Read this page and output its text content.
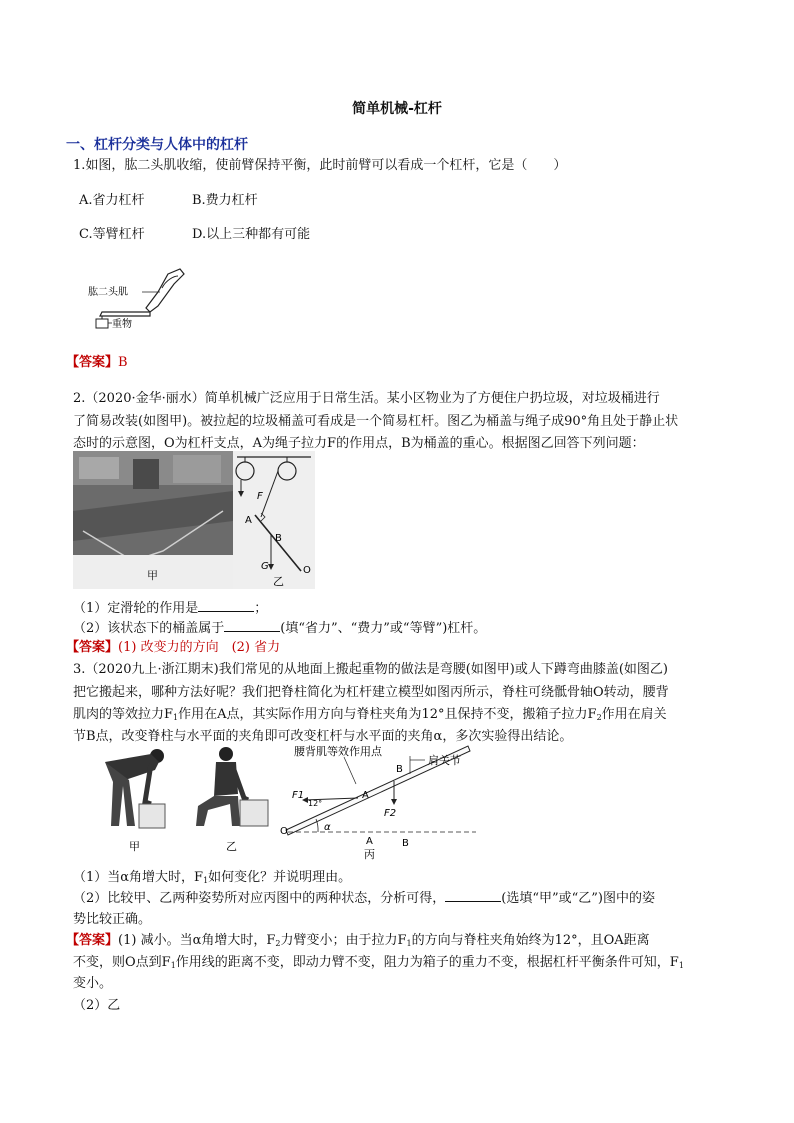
简单机械-杠杆
一、杠杆分类与人体中的杠杆
1.如图，肱二头肌收缩，使前臂保持平衡，此时前臂可以看成一个杠杆，它是（　　）
A.省力杠杆	B.费力杠杆
C.等臂杠杆	D.以上三种都有可能
肱二头肌
重物
【答案】B
2.（2020·金华·丽水）简单机械广泛应用于日常生活。某小区物业为了方便住户扔垃圾，对垃圾桶进行
了简易改装(如图甲)。被拉起的垃圾桶盖可看成是一个简易杠杆。图乙为桶盖与绳子成90°角且处于静止状
态时的示意图，O为杠杆支点，A为绳子拉力F的作用点，B为桶盖的重心。根据图乙回答下列问题：
甲
F
A
B
G	O
乙
（1）定滑轮的作用是	；
（2）该状态下的桶盖属于	(填“省力”、“费力”或“等臂”)杠杆。
【答案】(1) 改变力的方向　(2) 省力
3.（2020九上·浙江期末)我们常见的从地面上搬起重物的做法是弯腰(如图甲)或人下蹲弯曲膝盖(如图乙)
把它搬起来，哪种方法好呢？我们把脊柱简化为杠杆建立模型如图丙所示，脊柱可绕骶骨轴O转动，腰背
肌肉的等效拉力$F_1$作用在A点，其实际作用方向与脊柱夹角为12°且保持不变，搬箱子拉力$F_2$作用在肩关
节B点，改变脊柱与水平面的夹角即可改变杠杆与水平面的夹角α，多次实验得出结论。
甲	乙
腰背肌等效作用点
肩关节
F1
12°
A
B
F2
α
O
A	B
丙
（1）当α角增大时，$F_1$如何变化？并说明理由。
（2）比较甲、乙两种姿势所对应丙图中的两种状态，分析可得，	(选填“甲”或“乙”)图中的姿
势比较正确。
【答案】(1) 减小。当α角增大时，$F_2$力臂变小；由于拉力$F_1$的方向与脊柱夹角始终为12°，且OA距离
不变，则O点到$F_1$作用线的距离不变，即动力臂不变，阻力为箱子的重力不变，根据杠杆平衡条件可知，$F_1$
变小。
（2）乙
